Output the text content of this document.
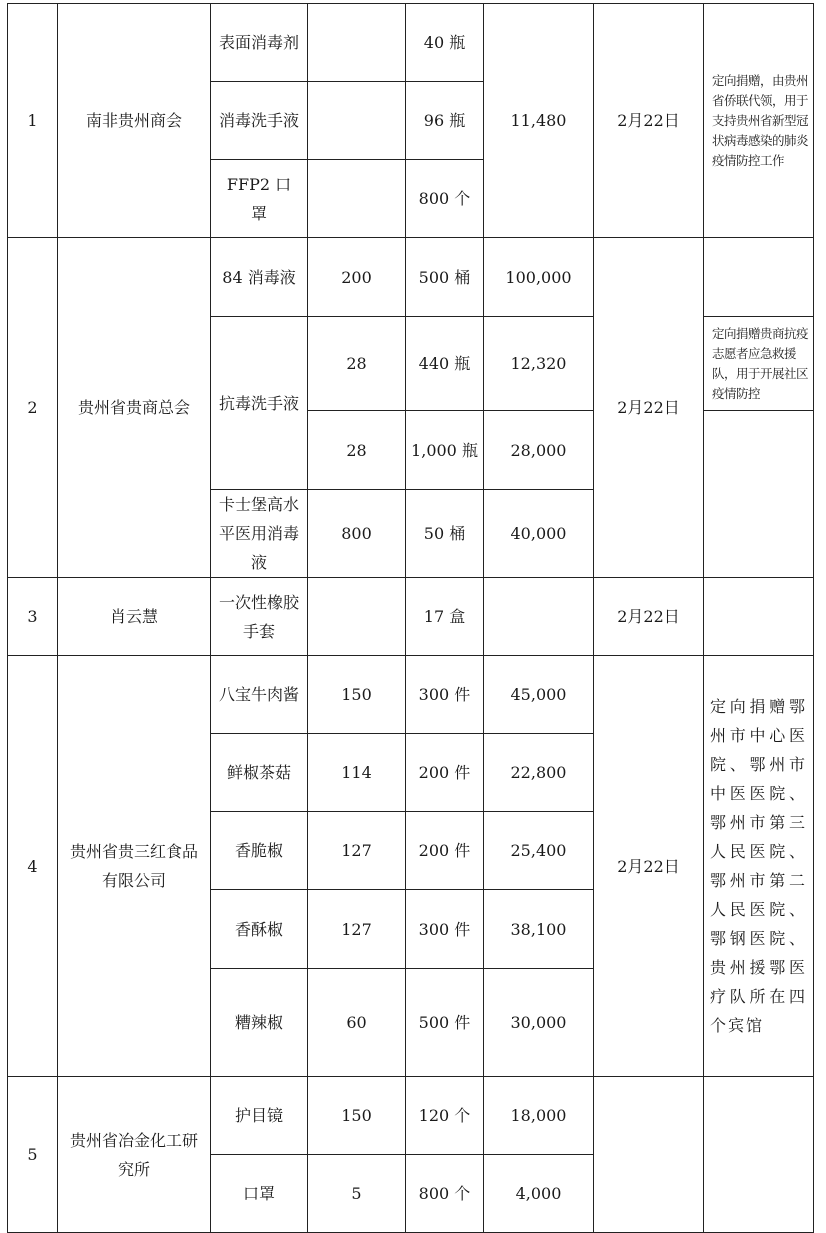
1	南非贵州商会	表面消毒剂		40 瓶	11,480	2月22日	定向捐赠，由贵州省侨联代领，用于支持贵州省新型冠状病毒感染的肺炎疫情防控工作
		消毒洗手液		96 瓶			
		FFP2 口罩		800 个			
2	贵州省贵商总会	84 消毒液	200	500 桶	100,000	2月22日	
		抗毒洗手液	28	440 瓶	12,320		定向捐赠贵商抗疫志愿者应急救援队，用于开展社区疫情防控
			28	1,000 瓶	28,000		
		卡士堡高水平医用消毒液	800	50 桶	40,000		
3	肖云慧	一次性橡胶手套		17 盒		2月22日	
4	贵州省贵三红食品有限公司	八宝牛肉酱	150	300 件	45,000	2月22日	定向捐赠鄂州市中心医院、鄂州市中医医院、鄂州市第三人民医院、鄂州市第二人民医院、鄂钢医院、贵州援鄂医疗队所在四个宾馆
		鲜椒茶菇	114	200 件	22,800		
		香脆椒	127	200 件	25,400		
		香酥椒	127	300 件	38,100		
		糟辣椒	60	500 件	30,000		
5	贵州省冶金化工研究所	护目镜	150	120 个	18,000		
		口罩	5	800 个	4,000		
